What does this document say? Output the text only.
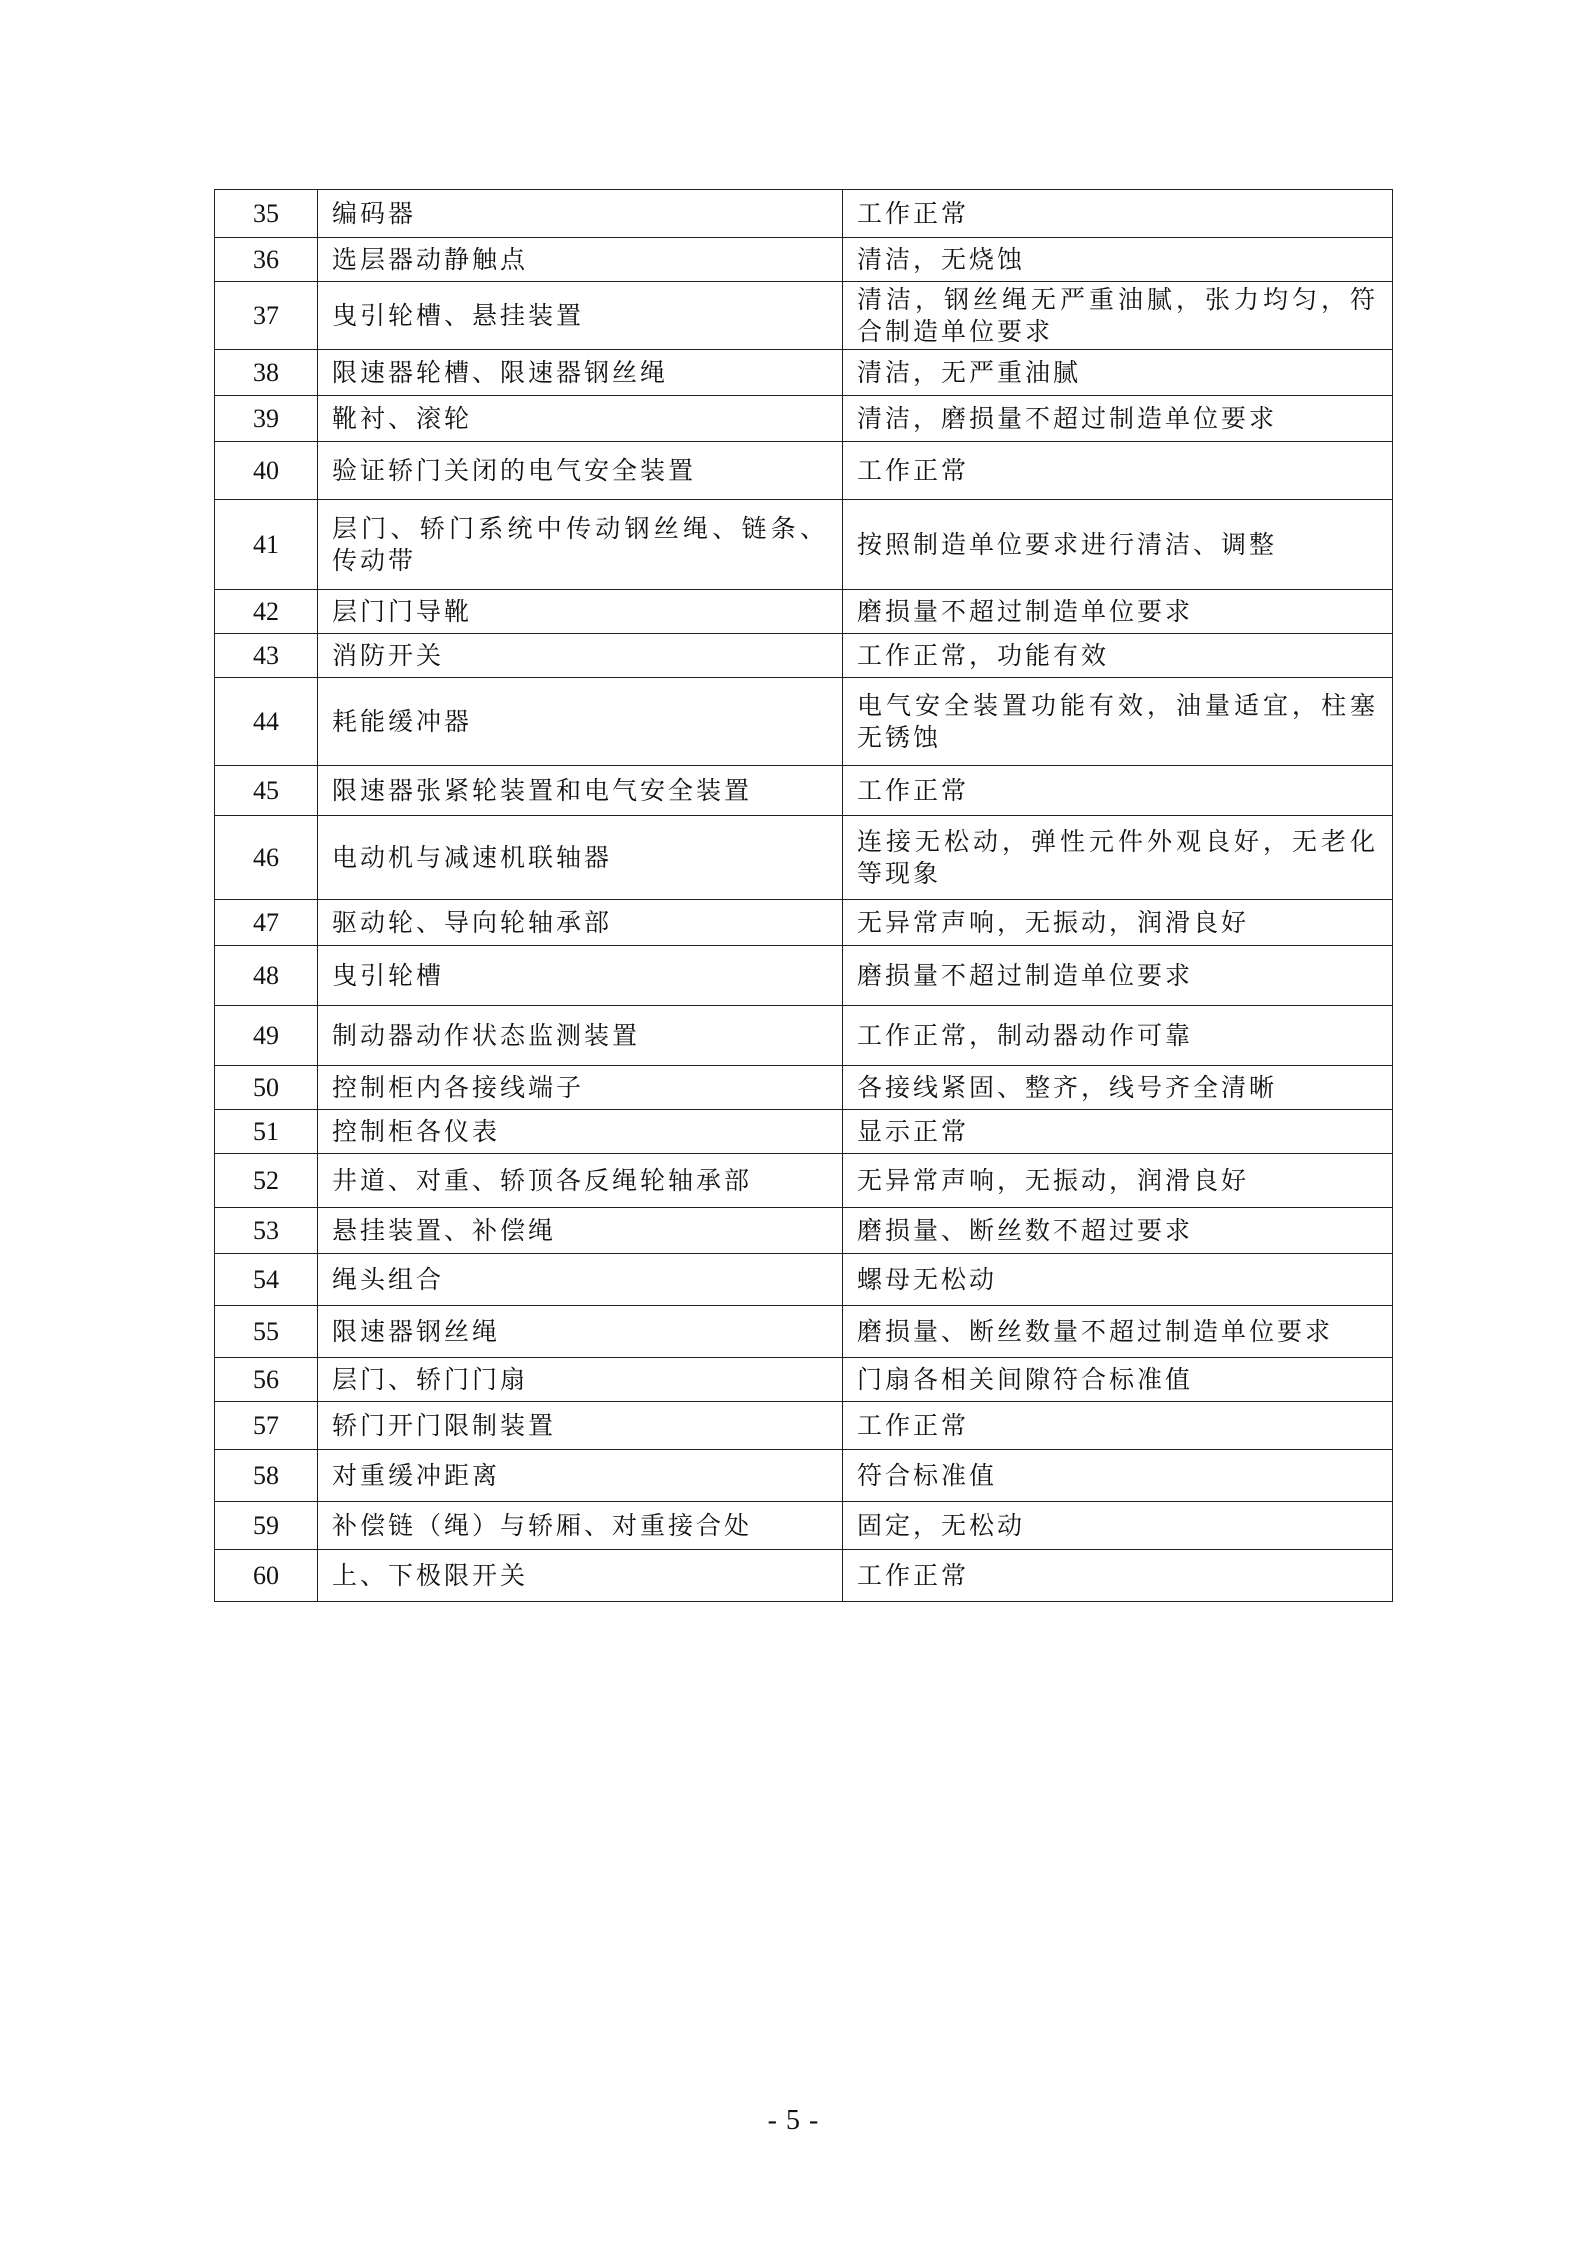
35	编码器	工作正常
36	选层器动静触点	清洁，无烧蚀
37	曳引轮槽、悬挂装置	清洁，钢丝绳无严重油腻，张力均匀，符合制造单位要求
38	限速器轮槽、限速器钢丝绳	清洁，无严重油腻
39	靴衬、滚轮	清洁，磨损量不超过制造单位要求
40	验证轿门关闭的电气安全装置	工作正常
41	层门、轿门系统中传动钢丝绳、链条、传动带	按照制造单位要求进行清洁、调整
42	层门门导靴	磨损量不超过制造单位要求
43	消防开关	工作正常，功能有效
44	耗能缓冲器	电气安全装置功能有效，油量适宜，柱塞无锈蚀
45	限速器张紧轮装置和电气安全装置	工作正常
46	电动机与减速机联轴器	连接无松动，弹性元件外观良好，无老化等现象
47	驱动轮、导向轮轴承部	无异常声响，无振动，润滑良好
48	曳引轮槽	磨损量不超过制造单位要求
49	制动器动作状态监测装置	工作正常，制动器动作可靠
50	控制柜内各接线端子	各接线紧固、整齐，线号齐全清晰
51	控制柜各仪表	显示正常
52	井道、对重、轿顶各反绳轮轴承部	无异常声响，无振动，润滑良好
53	悬挂装置、补偿绳	磨损量、断丝数不超过要求
54	绳头组合	螺母无松动
55	限速器钢丝绳	磨损量、断丝数量不超过制造单位要求
56	层门、轿门门扇	门扇各相关间隙符合标准值
57	轿门开门限制装置	工作正常
58	对重缓冲距离	符合标准值
59	补偿链（绳）与轿厢、对重接合处	固定，无松动
60	上、下极限开关	工作正常
- 5 -
